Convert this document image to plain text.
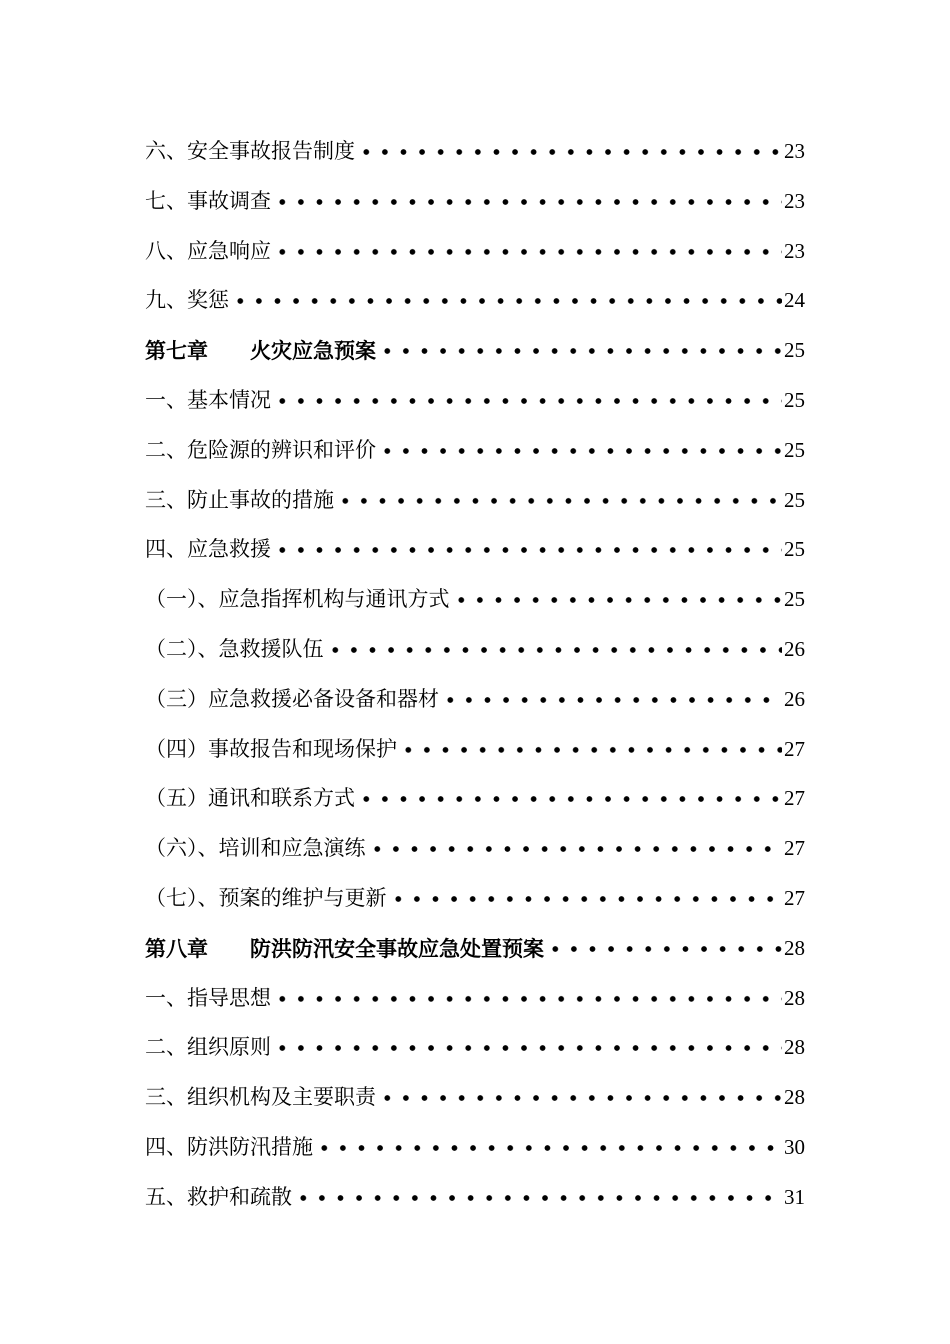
六、安全事故报告制度	23
七、事故调查	23
八、应急响应	23
九、奖惩	24
第七章　　火灾应急预案	25
一、基本情况	25
二、危险源的辨识和评价	25
三、防止事故的措施	25
四、应急救援	25
（一）、应急指挥机构与通讯方式	25
（二）、急救援队伍	26
（三）应急救援必备设备和器材	26
（四）事故报告和现场保护	27
（五）通讯和联系方式	27
（六）、培训和应急演练	27
（七）、预案的维护与更新	27
第八章　　防洪防汛安全事故应急处置预案	28
一、指导思想	28
二、组织原则	28
三、组织机构及主要职责	28
四、防洪防汛措施	30
五、救护和疏散	31
